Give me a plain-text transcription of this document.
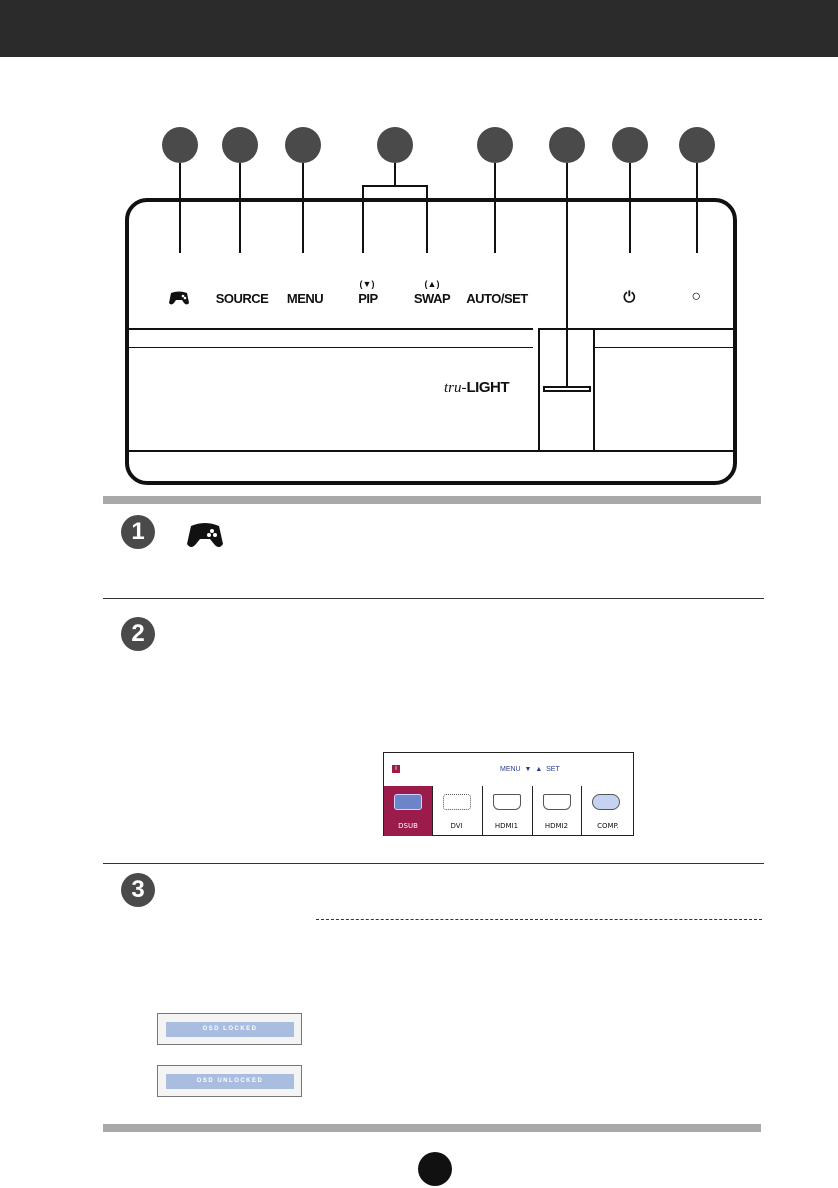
SOURCE	MENU
(▼)
PIP
(▲)
SWAP	AUTO/SET	⏻	○
tru-LIGHT
1
2
i	MENU  ▼  ▲  SET
DSUB	DVI	HDMI1	HDMI2	COMP.
3
OSD LOCKED
OSD UNLOCKED
